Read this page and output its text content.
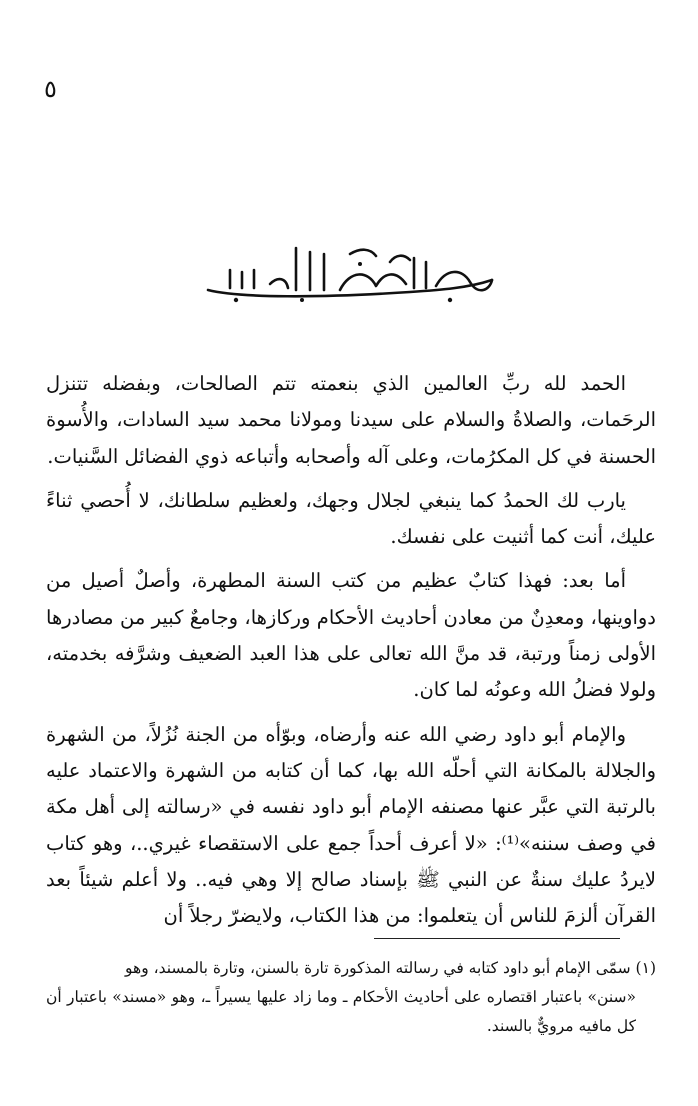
٥

الحمد لله ربِّ العالمين الذي بنعمته تتم الصالحات، وبفضله تتنزل الرحَمات، والصلاةُ والسلام على سيدنا ومولانا محمد سيد السادات، والأُسوة الحسنة في كل المكرُمات، وعلى آله وأصحابه وأتباعه ذوي الفضائل السَّنيات.

يارب لك الحمدُ كما ينبغي لجلال وجهك، ولعظيم سلطانك، لا أُحصي ثناءً عليك، أنت كما أثنيت على نفسك.

أما بعد: فهذا كتابٌ عظيم من كتب السنة المطهرة، وأصلٌ أصيل من دواوينها، ومعدِنٌ من معادن أحاديث الأحكام وركازها، وجامعٌ كبير من مصادرها الأولى زمناً ورتبة، قد منَّ الله تعالى على هذا العبد الضعيف وشرَّفه بخدمته، ولولا فضلُ الله وعونُه لما كان.

والإمام أبو داود رضي الله عنه وأرضاه، وبوّأه من الجنة نُزُلاً، من الشهرة والجلالة بالمكانة التي أحلّه الله بها، كما أن كتابه من الشهرة والاعتماد عليه بالرتبة التي عبَّر عنها مصنفه الإمام أبو داود نفسه في «رسالته إلى أهل مكة في وصف سننه»⁽¹⁾: «لا أعرف أحداً جمع على الاستقصاء غيري..، وهو كتاب لايردُ عليك سنةٌ عن النبي ﷺ بإسناد صالح إلا وهي فيه.. ولا أعلم شيئاً بعد القرآن ألزمَ للناس أن يتعلموا: من هذا الكتاب، ولايضرّ رجلاً أن

(١) سمّى الإمام أبو داود كتابه في رسالته المذكورة تارة بالسنن، وتارة بالمسند، وهو

«سنن» باعتبار اقتصاره على أحاديث الأحكام ـ وما زاد عليها يسيراً ـ، وهو «مسند» باعتبار أن كل مافيه مرويٌّ بالسند.
